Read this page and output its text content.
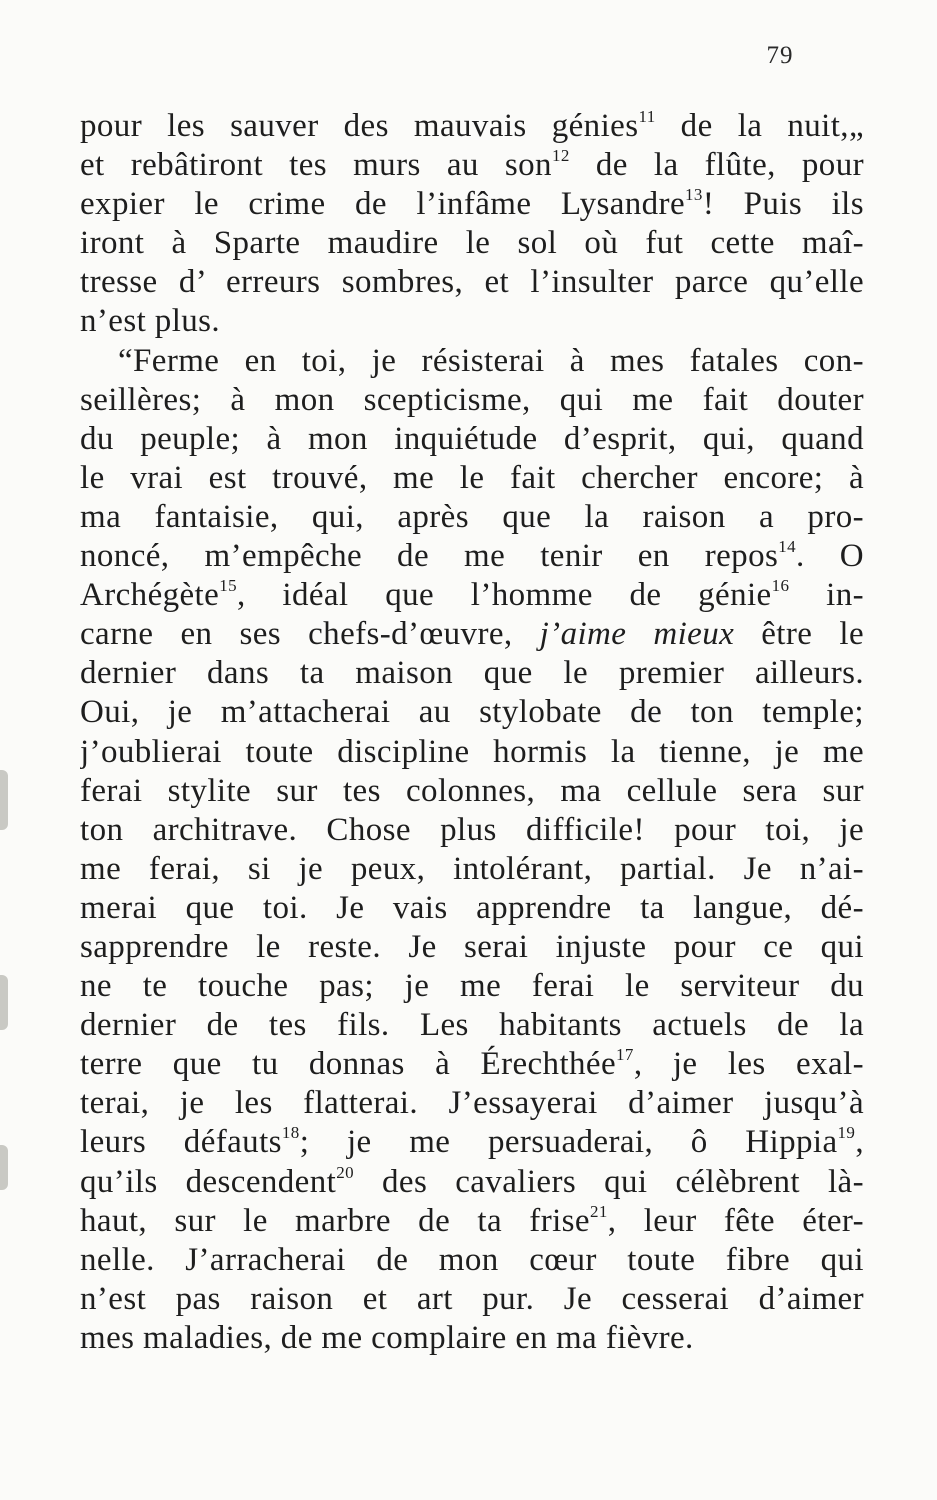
79
pour les sauver des mauvais génies$^{11}$ de la nuit,„
et rebâtiront tes murs au son$^{12}$ de la flûte, pour
expier le crime de l’infâme Lysandre$^{13}$! Puis ils
iront à Sparte maudire le sol où fut cette maî-
tresse d’ erreurs sombres, et l’insulter parce qu’elle
n’est plus.
“Ferme en toi, je résisterai à mes fatales con-
seillères; à mon scepticisme, qui me fait douter
du peuple; à mon inquiétude d’esprit, qui, quand
le vrai est trouvé, me le fait chercher encore; à
ma fantaisie, qui, après que la raison a pro-
noncé, m’empêche de me tenir en repos$^{14}$. O
Archégète$^{15}$, idéal que l’homme de génie$^{16}$ in-
carne en ses chefs-d’œuvre, j’aime mieux être le
dernier dans ta maison que le premier ailleurs.
Oui, je m’attacherai au stylobate de ton temple;
j’oublierai toute discipline hormis la tienne, je me
ferai stylite sur tes colonnes, ma cellule sera sur
ton architrave. Chose plus difficile! pour toi, je
me ferai, si je peux, intolérant, partial. Je n’ai-
merai que toi. Je vais apprendre ta langue, dé-
sapprendre le reste. Je serai injuste pour ce qui
ne te touche pas; je me ferai le serviteur du
dernier de tes fils. Les habitants actuels de la
terre que tu donnas à Érechthée$^{17}$, je les exal-
terai, je les flatterai. J’essayerai d’aimer jusqu’à
leurs défauts$^{18}$; je me persuaderai, ô Hippia$^{19}$,
qu’ils descendent$^{20}$ des cavaliers qui célèbrent là-
haut, sur le marbre de ta frise$^{21}$, leur fête éter-
nelle. J’arracherai de mon cœur toute fibre qui
n’est pas raison et art pur. Je cesserai d’aimer
mes maladies, de me complaire en ma fièvre.
